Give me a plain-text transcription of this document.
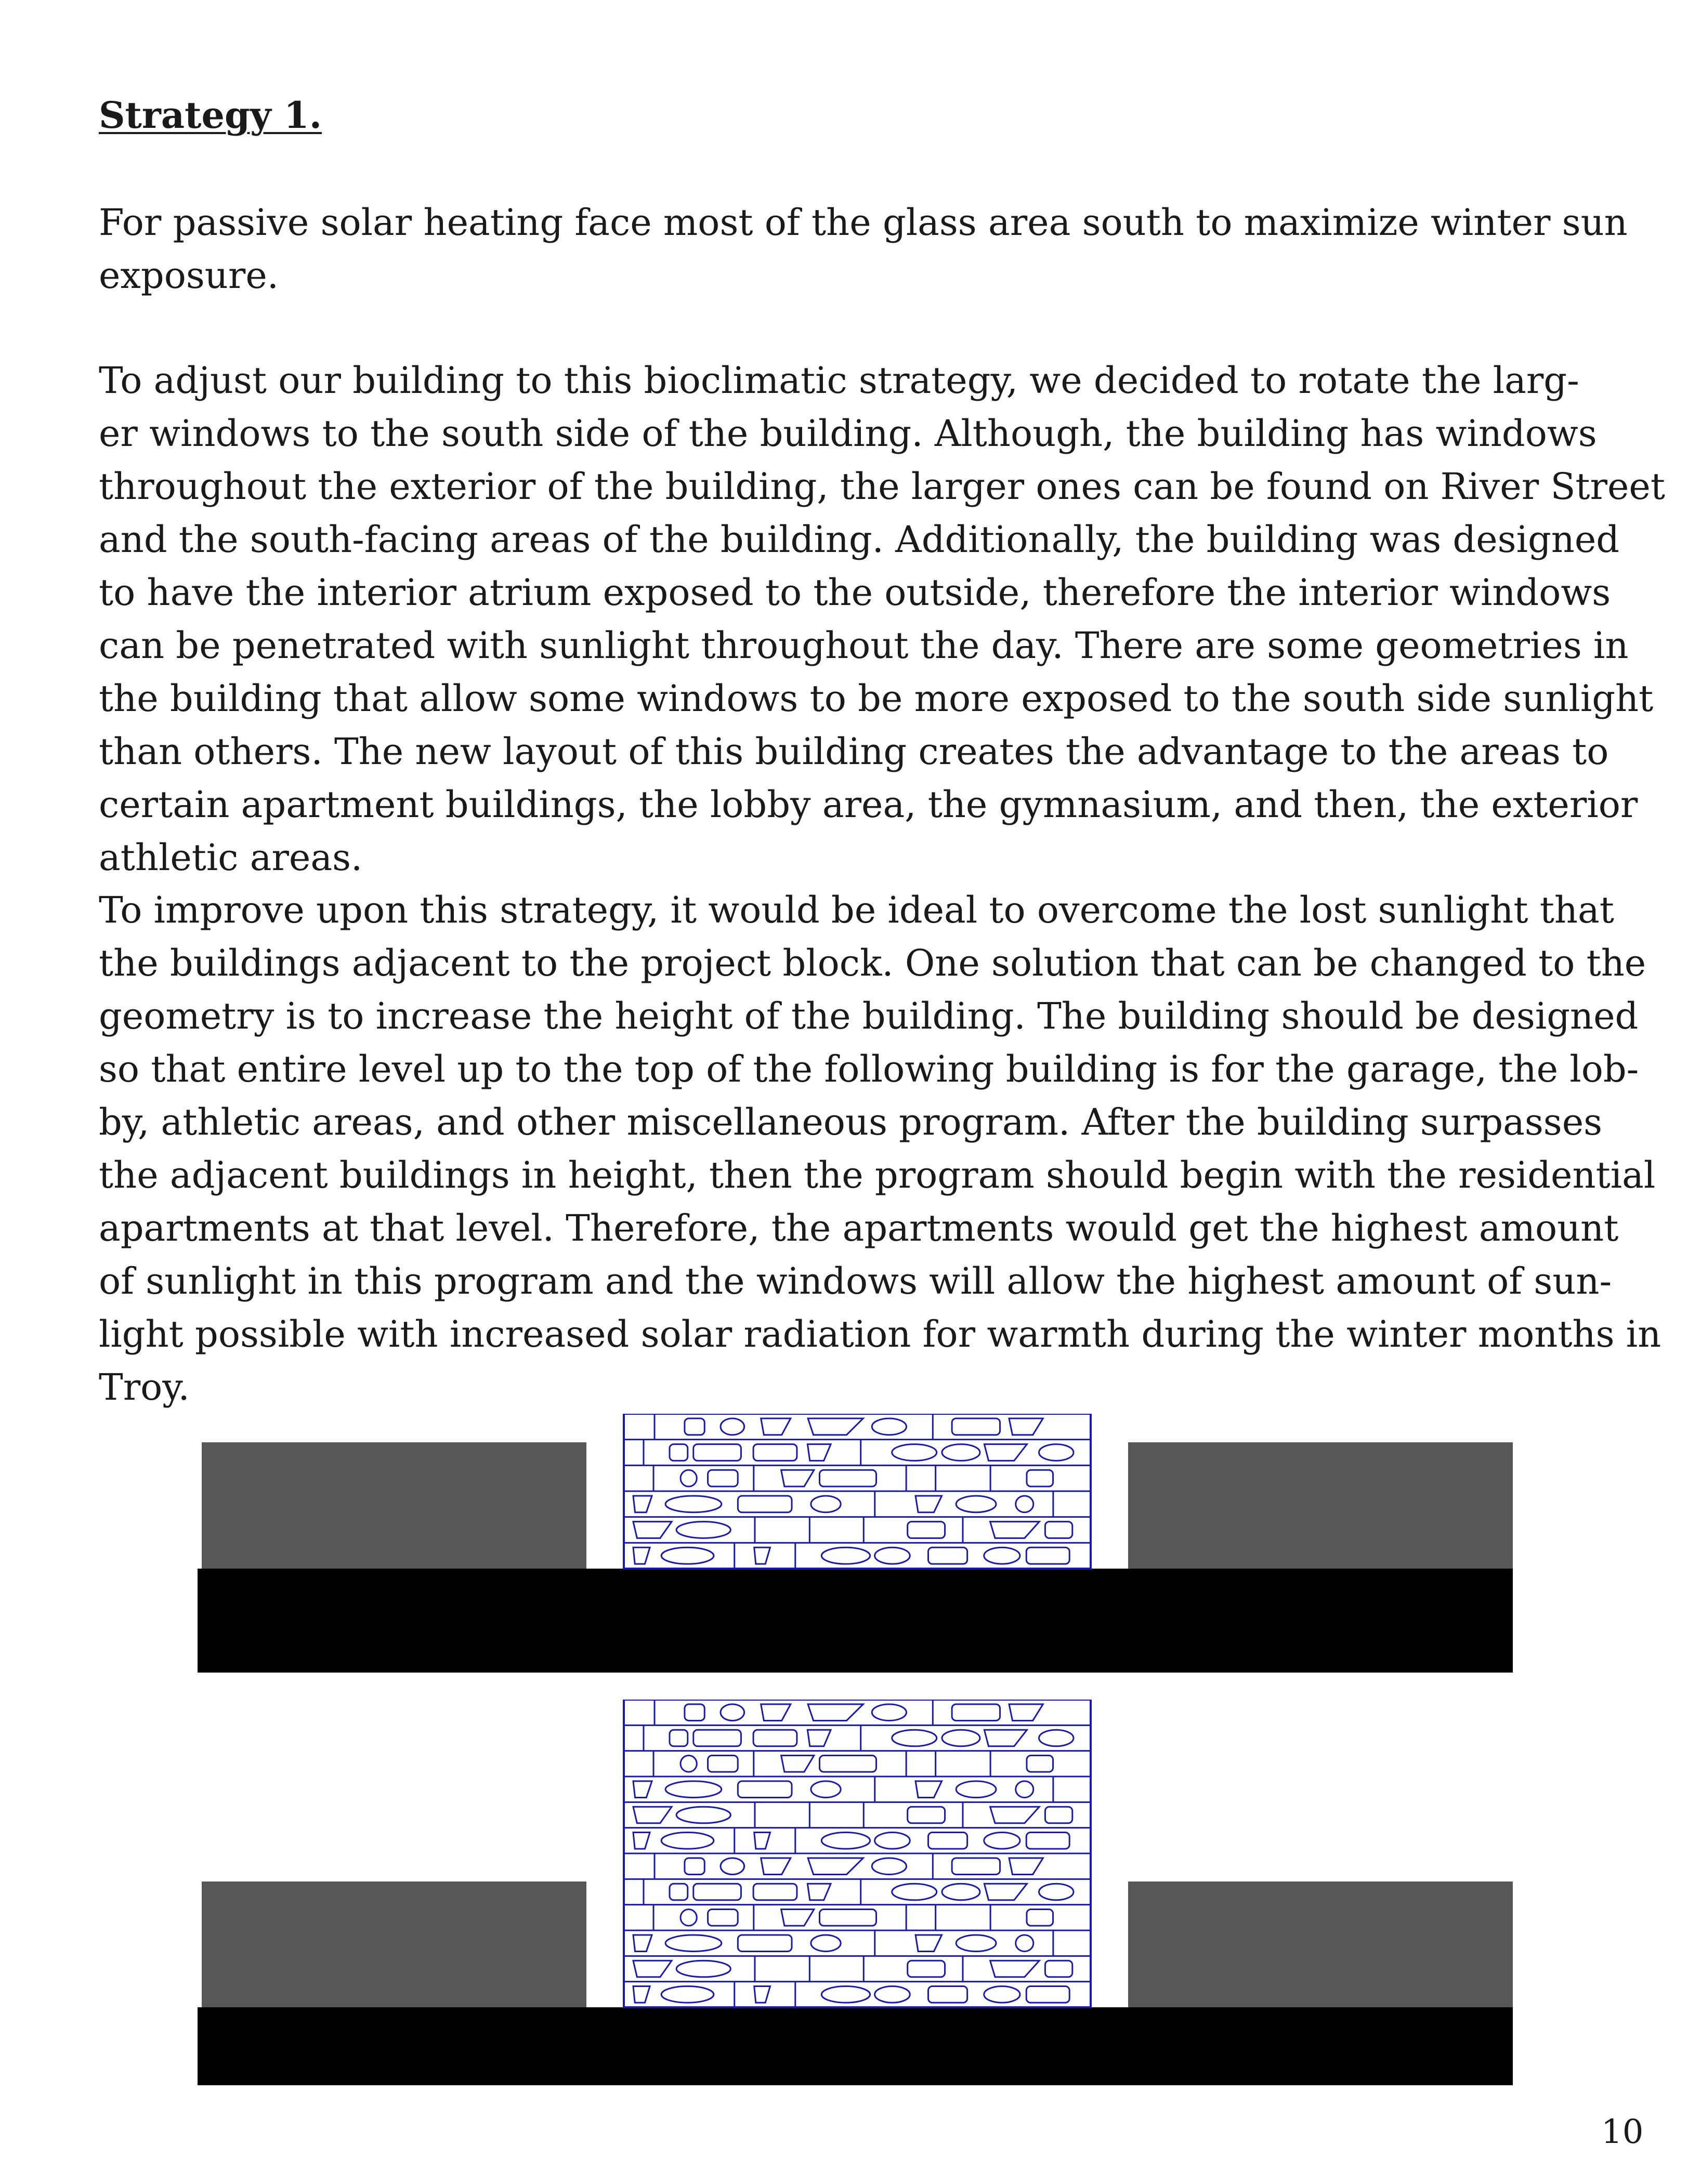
Strategy 1.

For passive solar heating face most of the glass area south to maximize winter sun
exposure.

To adjust our building to this bioclimatic strategy, we decided to rotate the larg-
er windows to the south side of the building. Although, the building has windows
throughout the exterior of the building, the larger ones can be found on River Street
and the south-facing areas of the building. Additionally, the building was designed
to have the interior atrium exposed to the outside, therefore the interior windows
can be penetrated with sunlight throughout the day. There are some geometries in
the building that allow some windows to be more exposed to the south side sunlight
than others. The new layout of this building creates the advantage to the areas to
certain apartment buildings, the lobby area, the gymnasium, and then, the exterior
athletic areas.

To improve upon this strategy, it would be ideal to overcome the lost sunlight that
the buildings adjacent to the project block. One solution that can be changed to the
geometry is to increase the height of the building. The building should be designed
so that entire level up to the top of the following building is for the garage, the lob-
by, athletic areas, and other miscellaneous program. After the building surpasses
the adjacent buildings in height, then the program should begin with the residential
apartments at that level. Therefore, the apartments would get the highest amount
of sunlight in this program and the windows will allow the highest amount of sun-
light possible with increased solar radiation for warmth during the winter months in
Troy.

10
